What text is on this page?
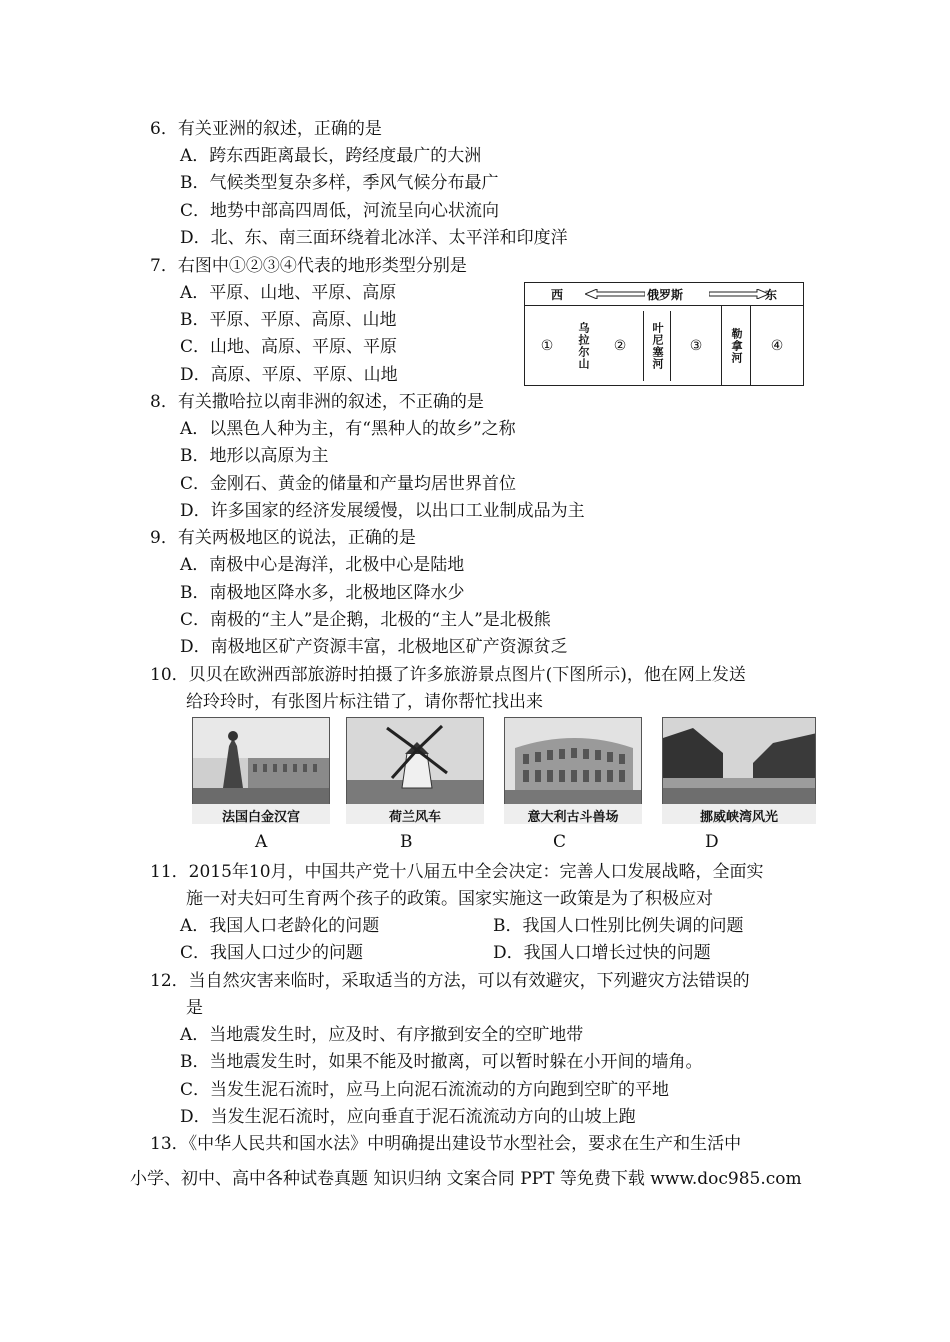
6．有关亚洲的叙述，正确的是
A．跨东西距离最长，跨经度最广的大洲
B．气候类型复杂多样，季风气候分布最广
C．地势中部高四周低，河流呈向心状流向
D．北、东、南三面环绕着北冰洋、太平洋和印度洋
7．右图中①②③④代表的地形类型分别是
A．平原、山地、平原、高原
B．平原、平原、高原、山地
C．山地、高原、平原、平原
D．高原、平原、平原、山地
西	俄罗斯	东
①	乌拉尔山	②	叶尼塞河	③	勒拿河	④
8．有关撒哈拉以南非洲的叙述，不正确的是
A．以黑色人种为主，有“黑种人的故乡”之称
B．地形以高原为主
C．金刚石、黄金的储量和产量均居世界首位
D．许多国家的经济发展缓慢，以出口工业制成品为主
9．有关两极地区的说法，正确的是
A．南极中心是海洋，北极中心是陆地
B．南极地区降水多，北极地区降水少
C．南极的“主人”是企鹅，北极的“主人”是北极熊
D．南极地区矿产资源丰富，北极地区矿产资源贫乏
10．贝贝在欧洲西部旅游时拍摄了许多旅游景点图片(下图所示)，他在网上发送
给玲玲时，有张图片标注错了，请你帮忙找出来
法国白金汉宫
A
荷兰风车
B
意大利古斗兽场
C
挪威峡湾风光
D
11．2015年10月，中国共产党十八届五中全会决定：完善人口发展战略，全面实
施一对夫妇可生育两个孩子的政策。国家实施这一政策是为了积极应对
A．我国人口老龄化的问题	B．我国人口性别比例失调的问题
C．我国人口过少的问题	D．我国人口增长过快的问题
12．当自然灾害来临时，采取适当的方法，可以有效避灾，下列避灾方法错误的
是
A．当地震发生时，应及时、有序撤到安全的空旷地带
B．当地震发生时，如果不能及时撤离，可以暂时躲在小开间的墙角。
C．当发生泥石流时，应马上向泥石流流动的方向跑到空旷的平地
D．当发生泥石流时，应向垂直于泥石流流动方向的山坡上跑
13．《中华人民共和国水法》中明确提出建设节水型社会，要求在生产和生活中
小学、初中、高中各种试卷真题 知识归纳 文案合同 PPT 等免费下载 www.doc985.com
